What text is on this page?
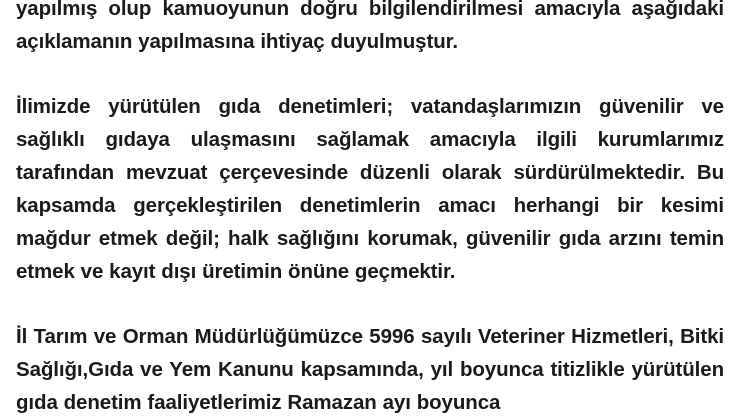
yapılmış olup kamuoyunun doğru bilgilendirilmesi amacıyla aşağıdaki açıklamanın yapılmasına ihtiyaç duyulmuştur.

İlimizde yürütülen gıda denetimleri; vatandaşlarımızın güvenilir ve sağlıklı gıdaya ulaşmasını sağlamak amacıyla ilgili kurumlarımız tarafından mevzuat çerçevesinde düzenli olarak sürdürülmektedir. Bu kapsamda gerçekleştirilen denetimlerin amacı herhangi bir kesimi mağdur etmek değil; halk sağlığını korumak, güvenilir gıda arzını temin etmek ve kayıt dışı üretimin önüne geçmektir.

İl Tarım ve Orman Müdürlüğümüzce 5996 sayılı Veteriner Hizmetleri, Bitki Sağlığı,Gıda ve Yem Kanunu kapsamında, yıl boyunca titizlikle yürütülen gıda denetim faaliyetlerimiz Ramazan ayı boyunca
